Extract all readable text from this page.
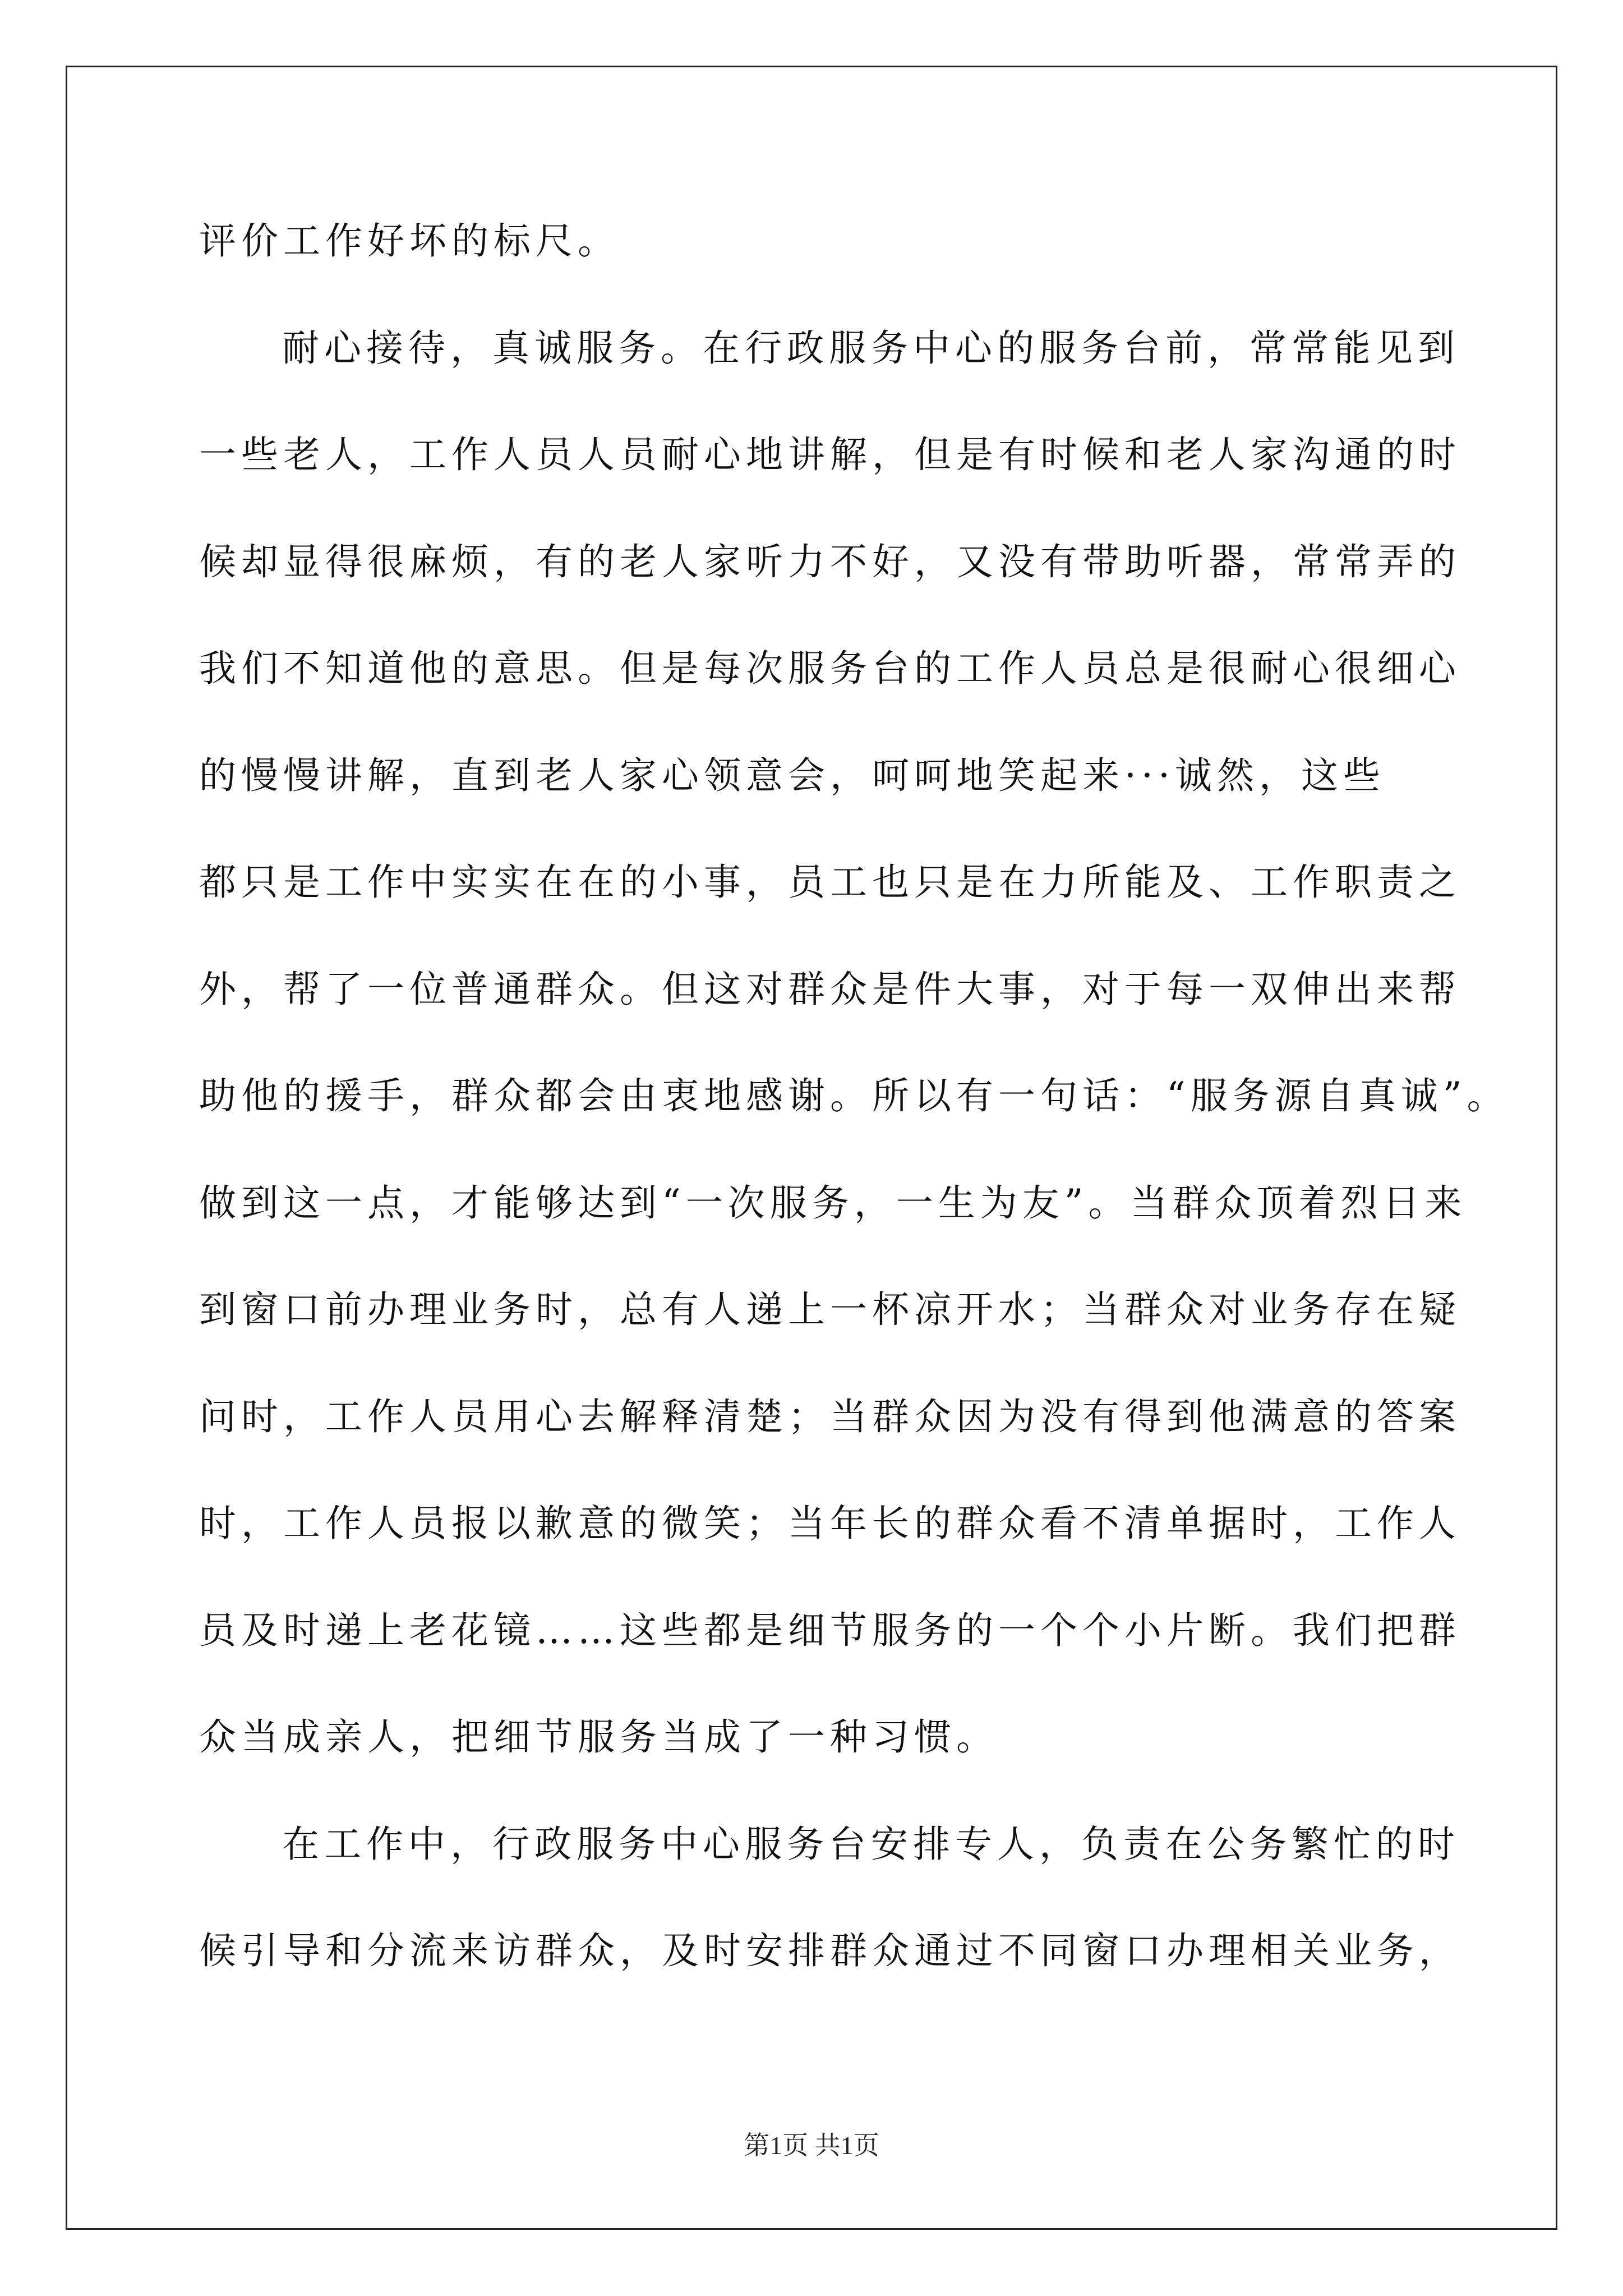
评价工作好坏的标尺。
耐心接待，真诚服务。在行政服务中心的服务台前，常常能见到
一些老人，工作人员人员耐心地讲解，但是有时候和老人家沟通的时
候却显得很麻烦，有的老人家听力不好，又没有带助听器，常常弄的
我们不知道他的意思。但是每次服务台的工作人员总是很耐心很细心
的慢慢讲解，直到老人家心领意会，呵呵地笑起来···诚然，这些
都只是工作中实实在在的小事，员工也只是在力所能及、工作职责之
外，帮了一位普通群众。但这对群众是件大事，对于每一双伸出来帮
助他的援手，群众都会由衷地感谢。所以有一句话：“服务源自真诚”。
做到这一点，才能够达到“一次服务，一生为友”。当群众顶着烈日来
到窗口前办理业务时，总有人递上一杯凉开水；当群众对业务存在疑
问时，工作人员用心去解释清楚；当群众因为没有得到他满意的答案
时，工作人员报以歉意的微笑；当年长的群众看不清单据时，工作人
员及时递上老花镜……这些都是细节服务的一个个小片断。我们把群
众当成亲人，把细节服务当成了一种习惯。
在工作中，行政服务中心服务台安排专人，负责在公务繁忙的时
候引导和分流来访群众，及时安排群众通过不同窗口办理相关业务，
第1页 共1页
